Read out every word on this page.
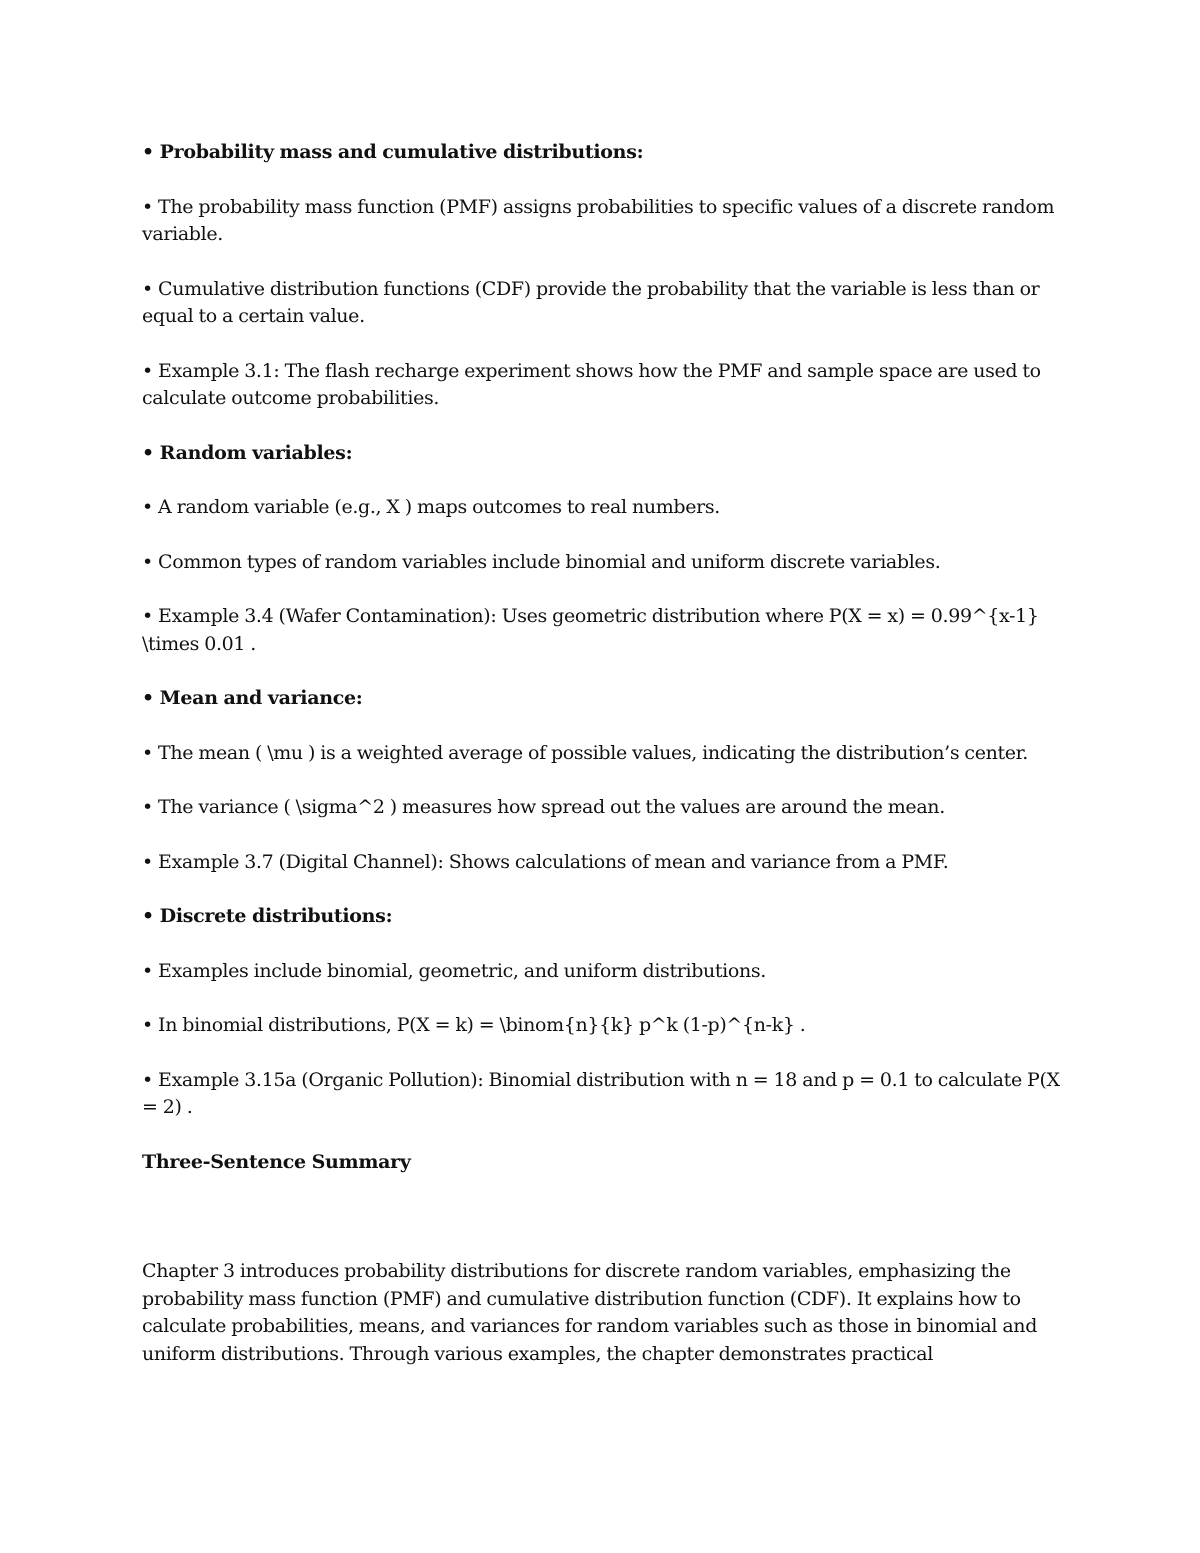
• Probability mass and cumulative distributions:

• The probability mass function (PMF) assigns probabilities to specific values of a discrete random variable.

• Cumulative distribution functions (CDF) provide the probability that the variable is less than or equal to a certain value.

• Example 3.1: The flash recharge experiment shows how the PMF and sample space are used to calculate outcome probabilities.

• Random variables:

• A random variable (e.g., X ) maps outcomes to real numbers.

• Common types of random variables include binomial and uniform discrete variables.

• Example 3.4 (Wafer Contamination): Uses geometric distribution where P(X = x) = 0.99^{x-1} \times 0.01 .

• Mean and variance:

• The mean ( \mu ) is a weighted average of possible values, indicating the distribution’s center.

• The variance ( \sigma^2 ) measures how spread out the values are around the mean.

• Example 3.7 (Digital Channel): Shows calculations of mean and variance from a PMF.

• Discrete distributions:

• Examples include binomial, geometric, and uniform distributions.

• In binomial distributions, P(X = k) = \binom{n}{k} p^k (1-p)^{n-k} .

• Example 3.15a (Organic Pollution): Binomial distribution with n = 18 and p = 0.1 to calculate P(X = 2) .

Three-Sentence Summary

Chapter 3 introduces probability distributions for discrete random variables, emphasizing the probability mass function (PMF) and cumulative distribution function (CDF). It explains how to calculate probabilities, means, and variances for random variables such as those in binomial and uniform distributions. Through various examples, the chapter demonstrates practical
